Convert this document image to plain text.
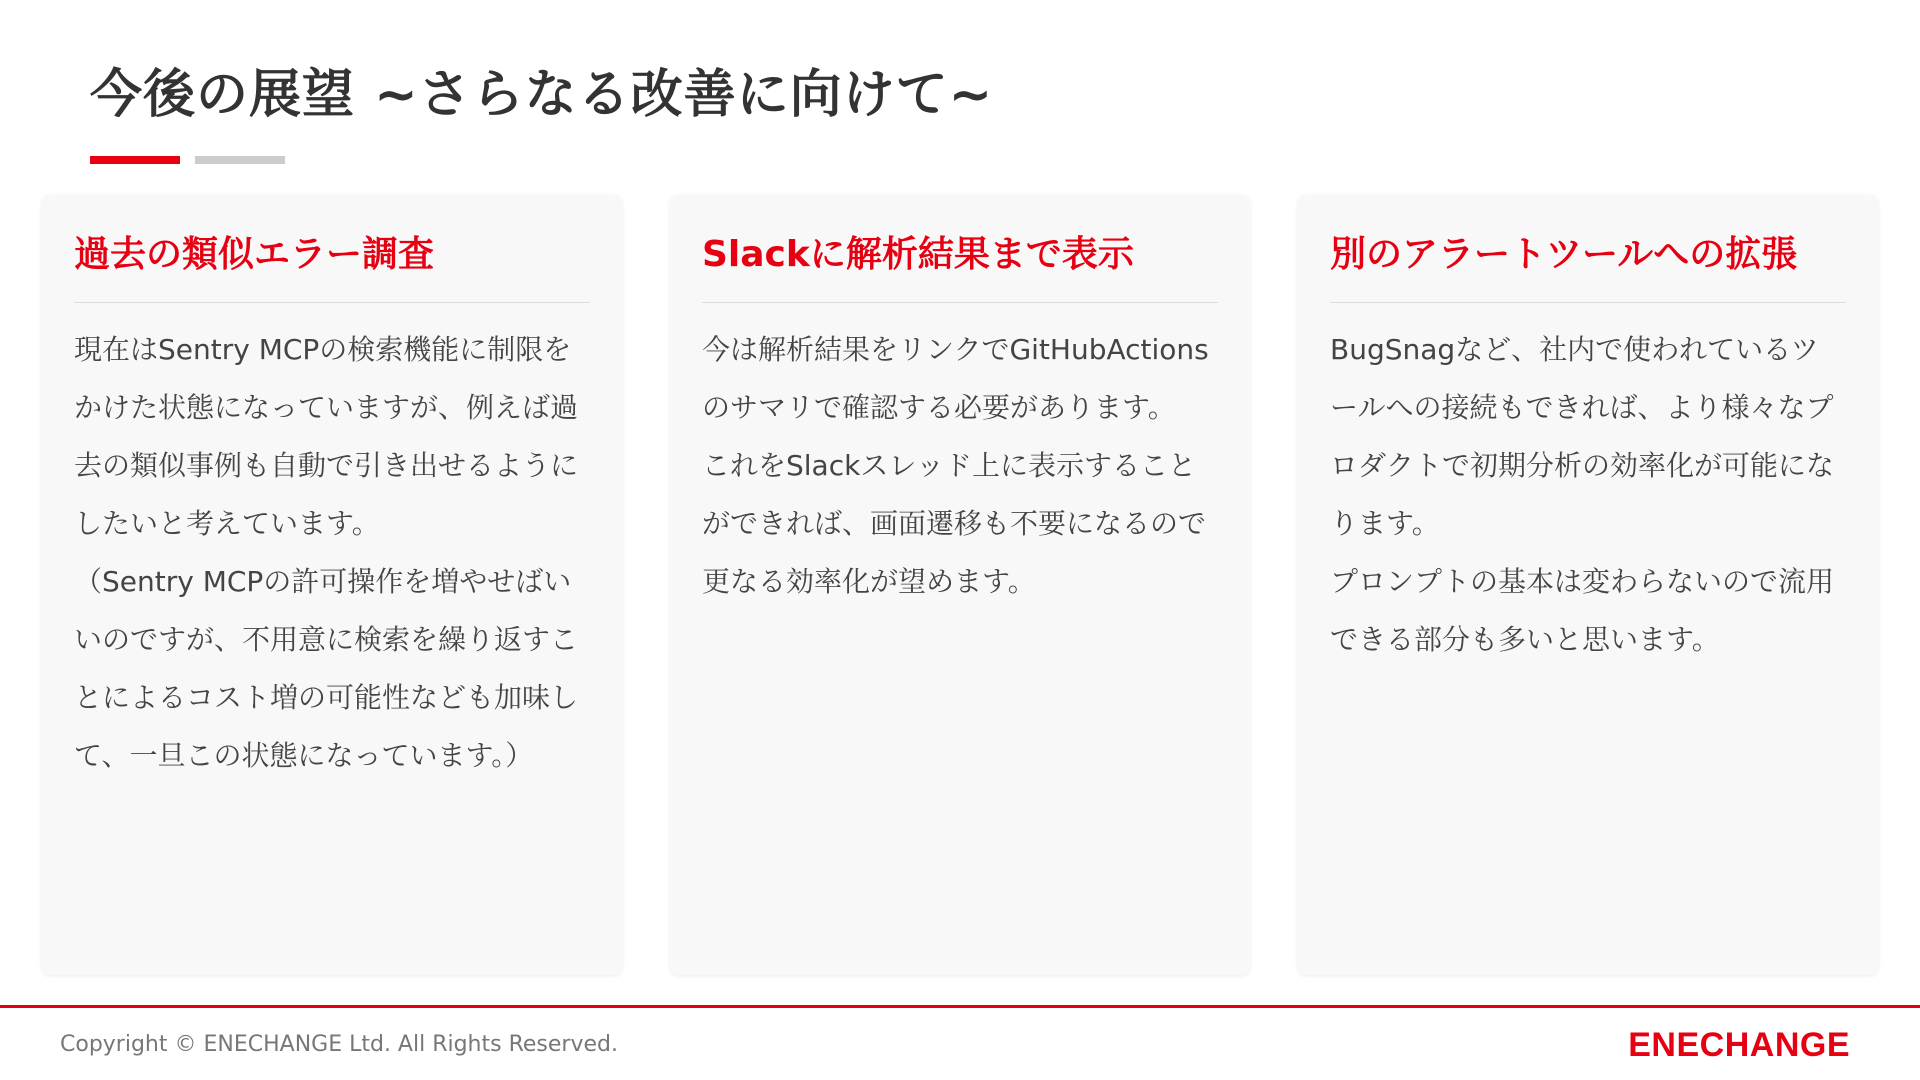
今後の展望 ~さらなる改善に向けて~
過去の類似エラー調査

現在はSentry MCPの検索機能に制限をかけた状態になっていますが、例えば過去の類似事例も自動で引き出せるようにしたいと考えています。

（Sentry MCPの許可操作を増やせばいいのですが、不用意に検索を繰り返すことによるコスト増の可能性なども加味して、一旦この状態になっています。）

Slackに解析結果まで表示

今は解析結果をリンクでGitHubActionsのサマリで確認する必要があります。

これをSlackスレッド上に表示することができれば、画面遷移も不要になるので更なる効率化が望めます。

別のアラートツールへの拡張

BugSnagなど、社内で使われているツールへの接続もできれば、より様々なプロダクトで初期分析の効率化が可能になります。

プロンプトの基本は変わらないので流用できる部分も多いと思います。

Copyright © ENECHANGE Ltd. All Rights Reserved.	ENECHANGE
